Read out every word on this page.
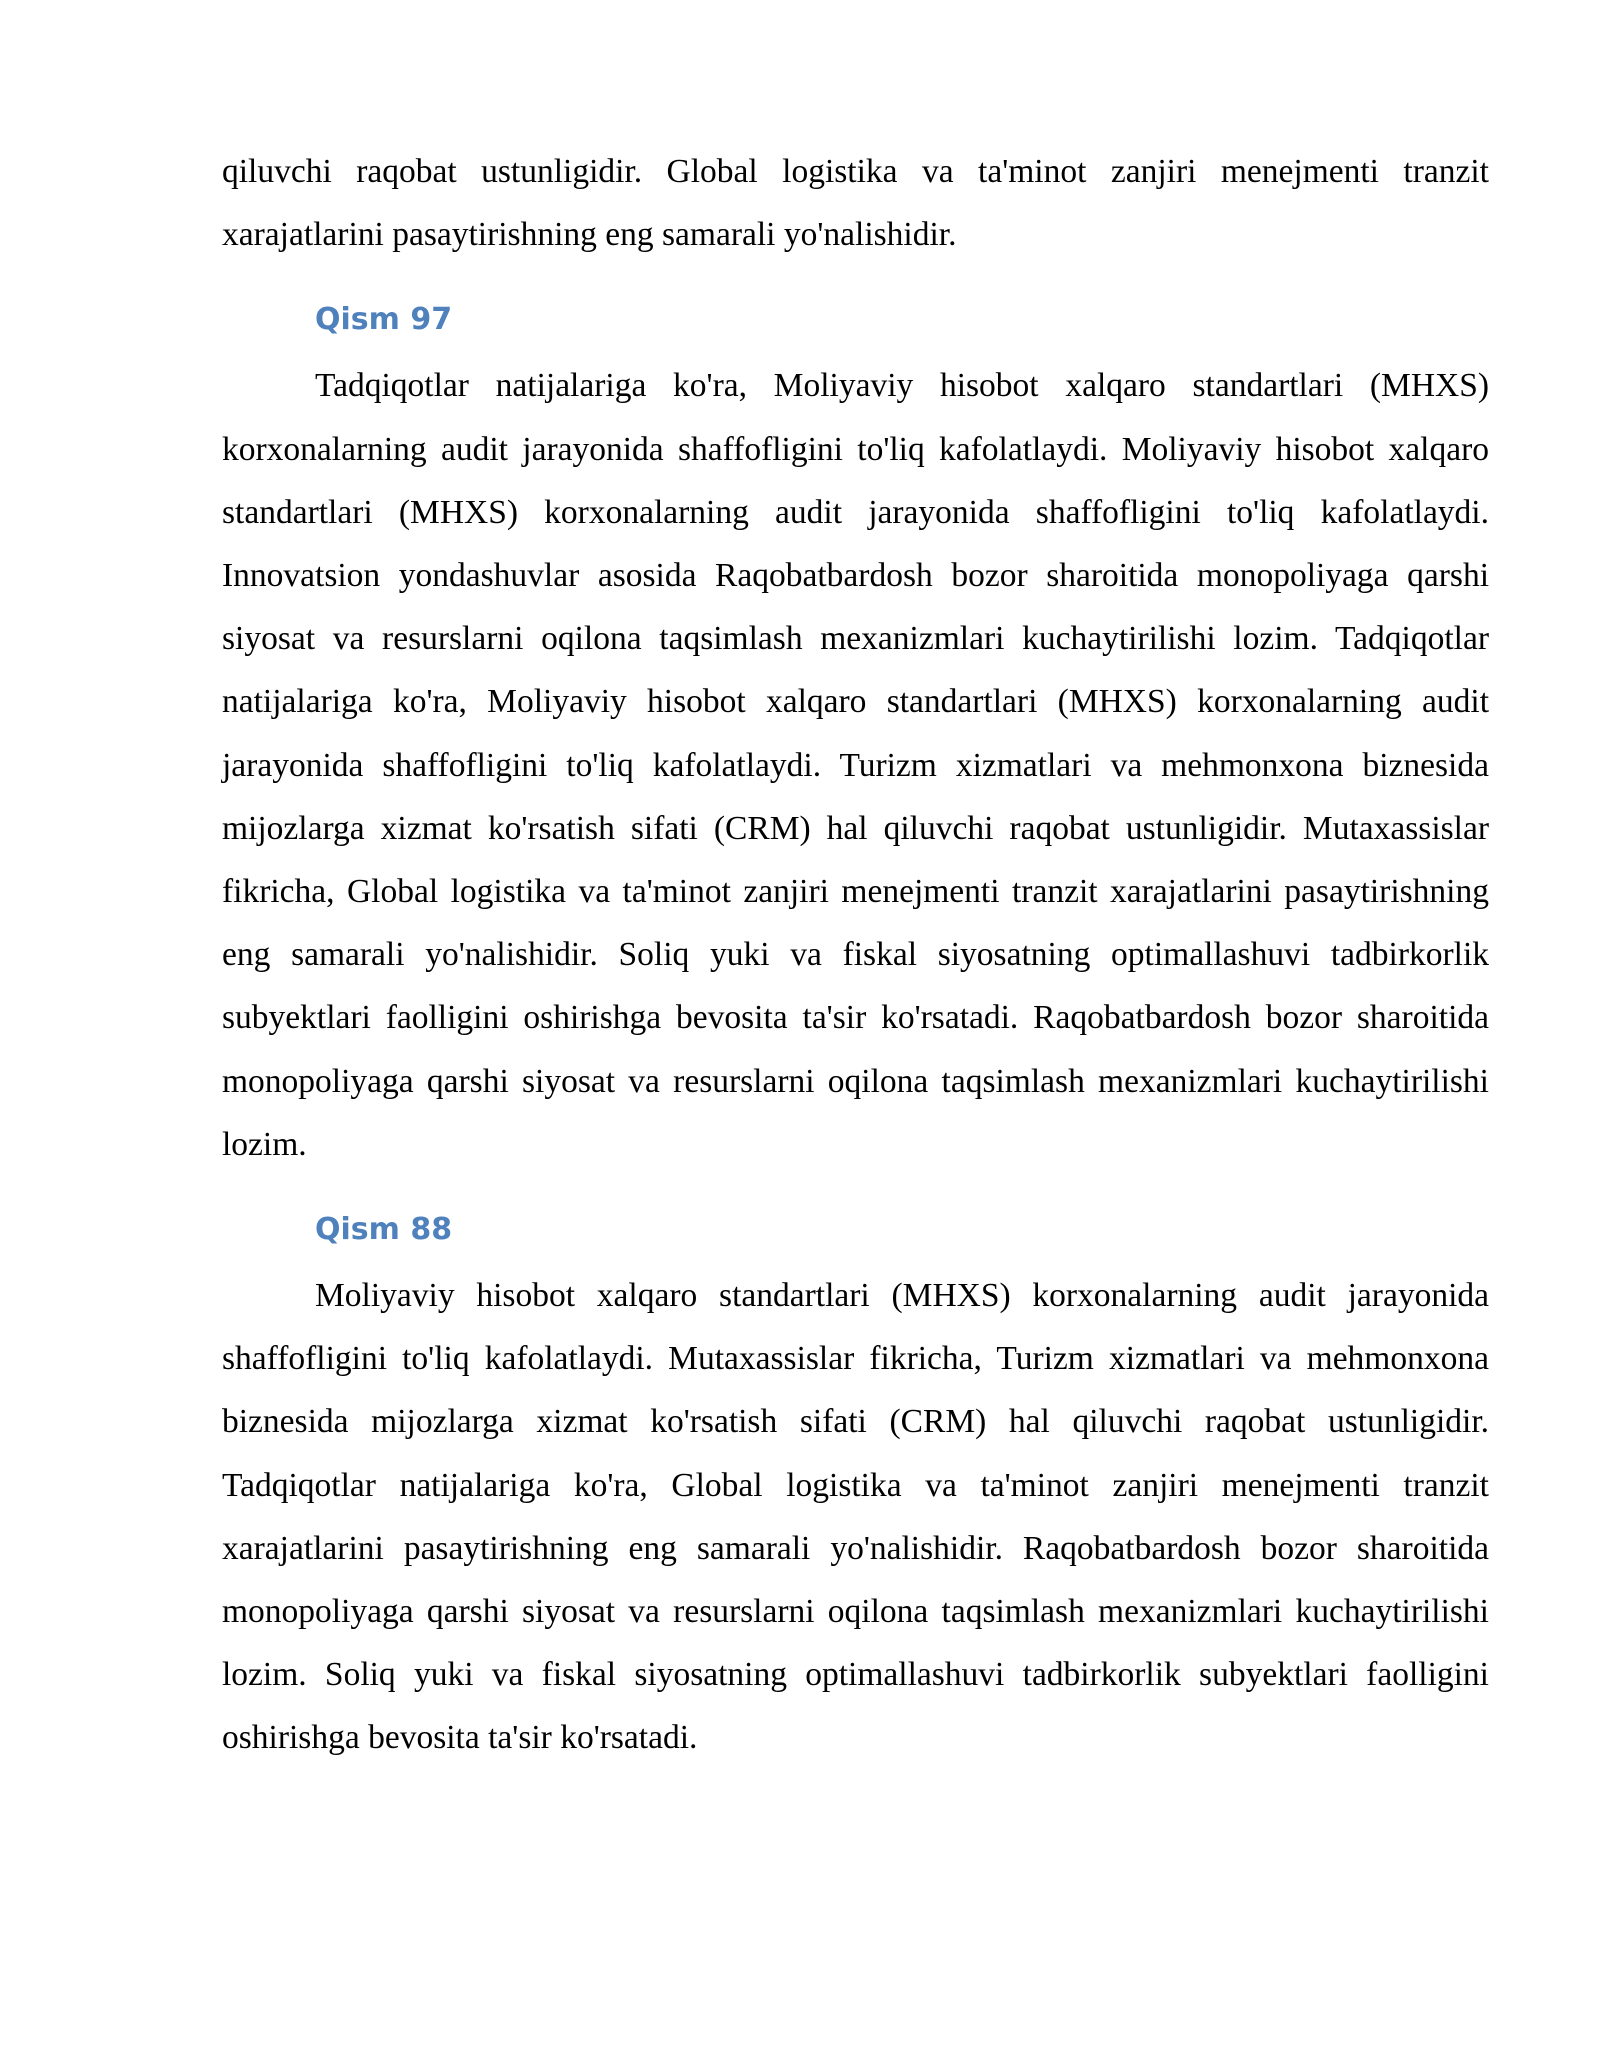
qiluvchi raqobat ustunligidir. Global logistika va ta'minot zanjiri menejmenti tranzit xarajatlarini pasaytirishning eng samarali yo'nalishidir.

Qism 97

Tadqiqotlar natijalariga ko'ra, Moliyaviy hisobot xalqaro standartlari (MHXS) korxonalarning audit jarayonida shaffofligini to'liq kafolatlaydi. Moliyaviy hisobot xalqaro standartlari (MHXS) korxonalarning audit jarayonida shaffofligini to'liq kafolatlaydi. Innovatsion yondashuvlar asosida Raqobatbardosh bozor sharoitida monopoliyaga qarshi siyosat va resurslarni oqilona taqsimlash mexanizmlari kuchaytirilishi lozim. Tadqiqotlar natijalariga ko'ra, Moliyaviy hisobot xalqaro standartlari (MHXS) korxonalarning audit jarayonida shaffofligini to'liq kafolatlaydi. Turizm xizmatlari va mehmonxona biznesida mijozlarga xizmat ko'rsatish sifati (CRM) hal qiluvchi raqobat ustunligidir. Mutaxassislar fikricha, Global logistika va ta'minot zanjiri menejmenti tranzit xarajatlarini pasaytirishning eng samarali yo'nalishidir. Soliq yuki va fiskal siyosatning optimallashuvi tadbirkorlik subyektlari faolligini oshirishga bevosita ta'sir ko'rsatadi. Raqobatbardosh bozor sharoitida monopoliyaga qarshi siyosat va resurslarni oqilona taqsimlash mexanizmlari kuchaytirilishi lozim.

Qism 88

Moliyaviy hisobot xalqaro standartlari (MHXS) korxonalarning audit jarayonida shaffofligini to'liq kafolatlaydi. Mutaxassislar fikricha, Turizm xizmatlari va mehmonxona biznesida mijozlarga xizmat ko'rsatish sifati (CRM) hal qiluvchi raqobat ustunligidir. Tadqiqotlar natijalariga ko'ra, Global logistika va ta'minot zanjiri menejmenti tranzit xarajatlarini pasaytirishning eng samarali yo'nalishidir. Raqobatbardosh bozor sharoitida monopoliyaga qarshi siyosat va resurslarni oqilona taqsimlash mexanizmlari kuchaytirilishi lozim. Soliq yuki va fiskal siyosatning optimallashuvi tadbirkorlik subyektlari faolligini oshirishga bevosita ta'sir ko'rsatadi.
